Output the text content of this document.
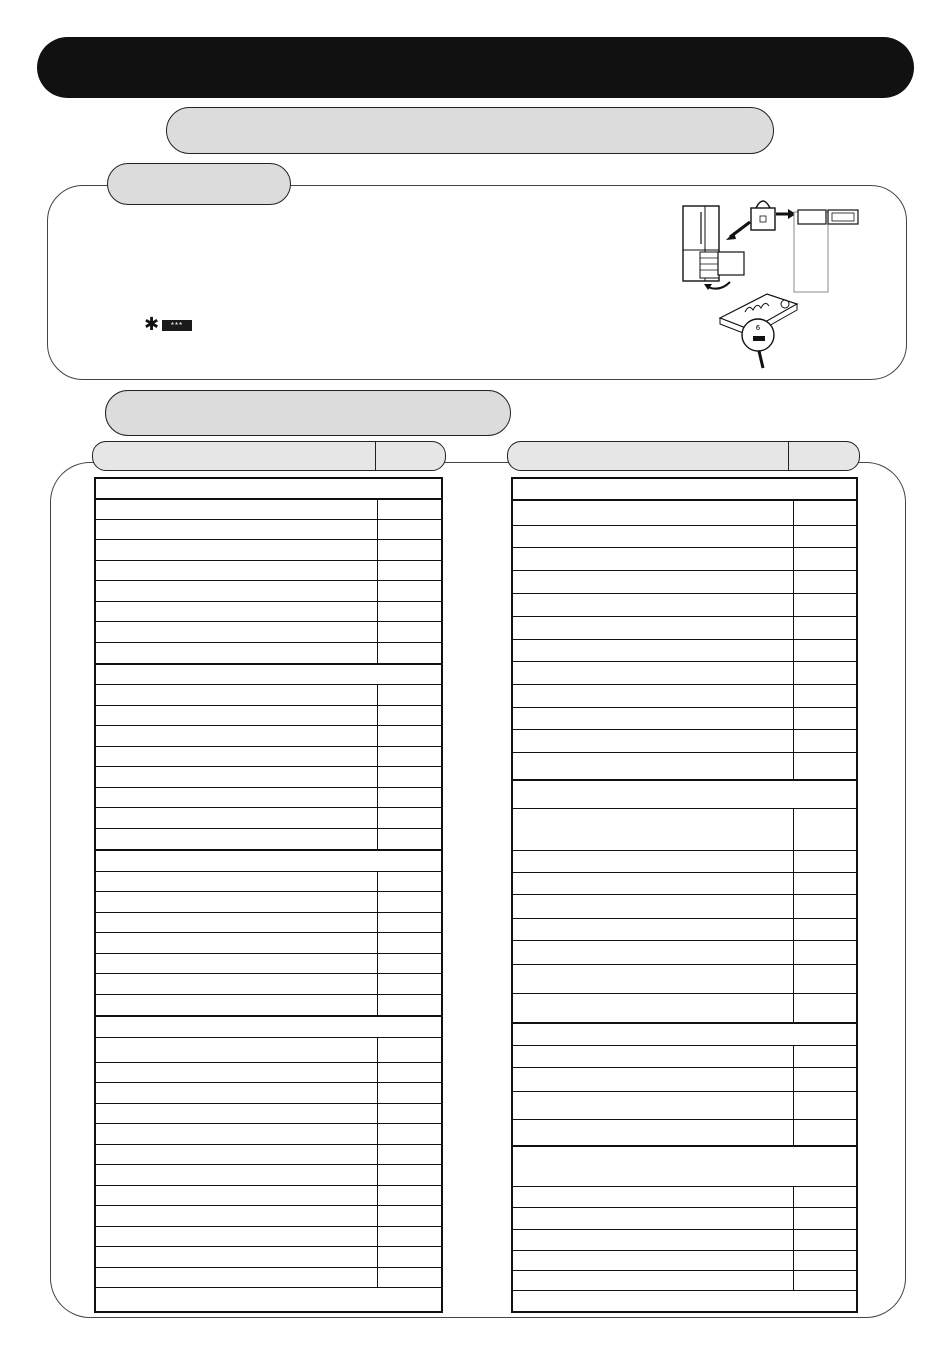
✱	***	6
